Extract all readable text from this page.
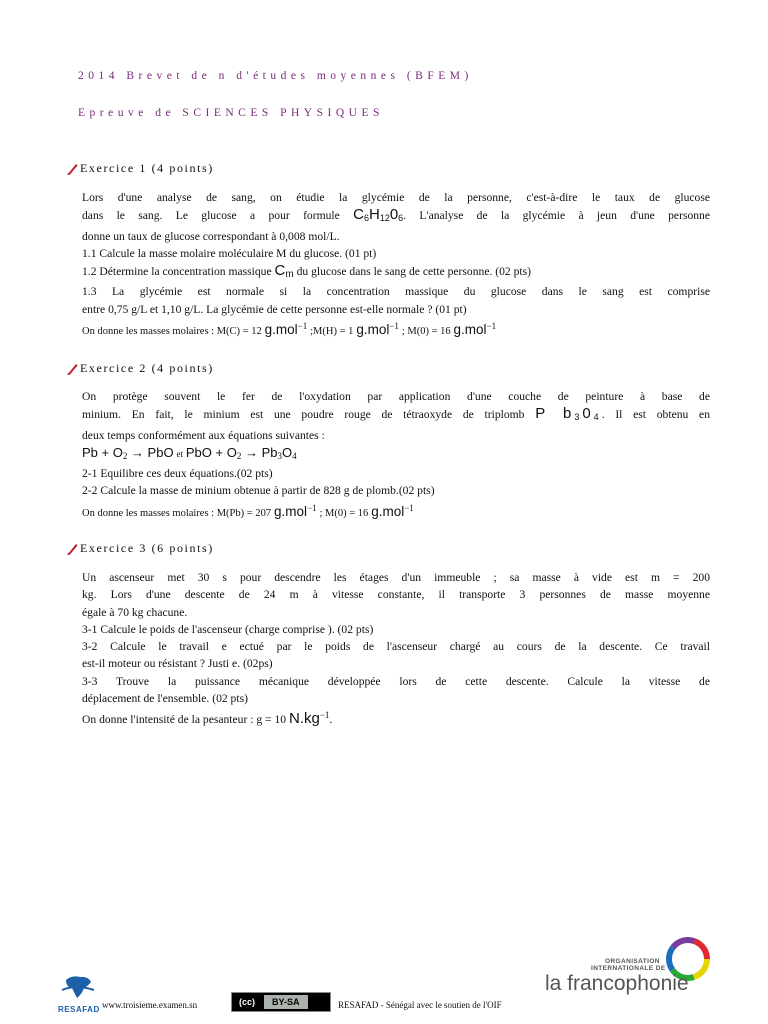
2014 Brevet de n d'études moyennes (BFEM)
Epreuve de SCIENCES PHYSIQUES
Exercice 1 (4 points)

Lors d'une analyse de sang, on étudie la glycémie de la personne, c'est-à-dire le taux de glucose

dans le sang. Le glucose a pour formule $C_6H_{12}0_6$. L'analyse de la glycémie à jeun d'une personne

donne un taux de glucose correspondant à 0,008 mol/L.

1.1 Calcule la masse molaire moléculaire M du glucose. (01 pt)

1.2 Détermine la concentration massique $C_m$ du glucose dans le sang de cette personne. (02 pts)

1.3 La glycémie est normale si la concentration massique du glucose dans le sang est comprise

entre 0,75 g/L et 1,10 g/L. La glycémie de cette personne est-elle normale ? (01 pt)

On donne les masses molaires : M(C) = 12 g.mol$^{-1}$ ;M(H) = 1 g.mol$^{-1}$ ; M(0) = 16 g.mol$^{-1}$

Exercice 2 (4 points)

On protège souvent le fer de l'oxydation par application d'une couche de peinture à base de

minium. En fait, le minium est une poudre rouge de tétraoxyde de triplomb P $b_30_4$. Il est obtenu en

deux temps conformément aux équations suivantes :

$Pb + O_2$ → PbO et PbO + $O_2 \to Pb_3O_4$

2-1 Equilibre ces deux équations.(02 pts)

2-2 Calcule la masse de minium obtenue à partir de 828 g de plomb.(02 pts)

On donne les masses molaires : M(Pb) = 207 g.mol$^{-1}$ ; M(0) = 16 g.mol$^{-1}$

Exercice 3 (6 points)

Un ascenseur met 30 s pour descendre les étages d'un immeuble ; sa masse à vide est m = 200

kg. Lors d'une descente de 24 m à vitesse constante, il transporte 3 personnes de masse moyenne

égale à 70 kg chacune.

3-1 Calcule le poids de l'ascenseur (charge comprise ). (02 pts)

3-2 Calcule le travail e ectué par le poids de l'ascenseur chargé au cours de la descente. Ce travail

est-il moteur ou résistant ? Justi e. (02ps)

3-3 Trouve la puissance mécanique développée lors de cette descente. Calcule la vitesse de

déplacement de l'ensemble. (02 pts)

On donne l'intensité de la pesanteur : g = 10 $N.kg^{-1}$.

RESAFAD www.troisieme.examen.sn	(cc)	BY-SA	RESAFAD - Sénégal avec le soutien de l'OIF
ORGANISATION
INTERNATIONALE DE
la francophonie
